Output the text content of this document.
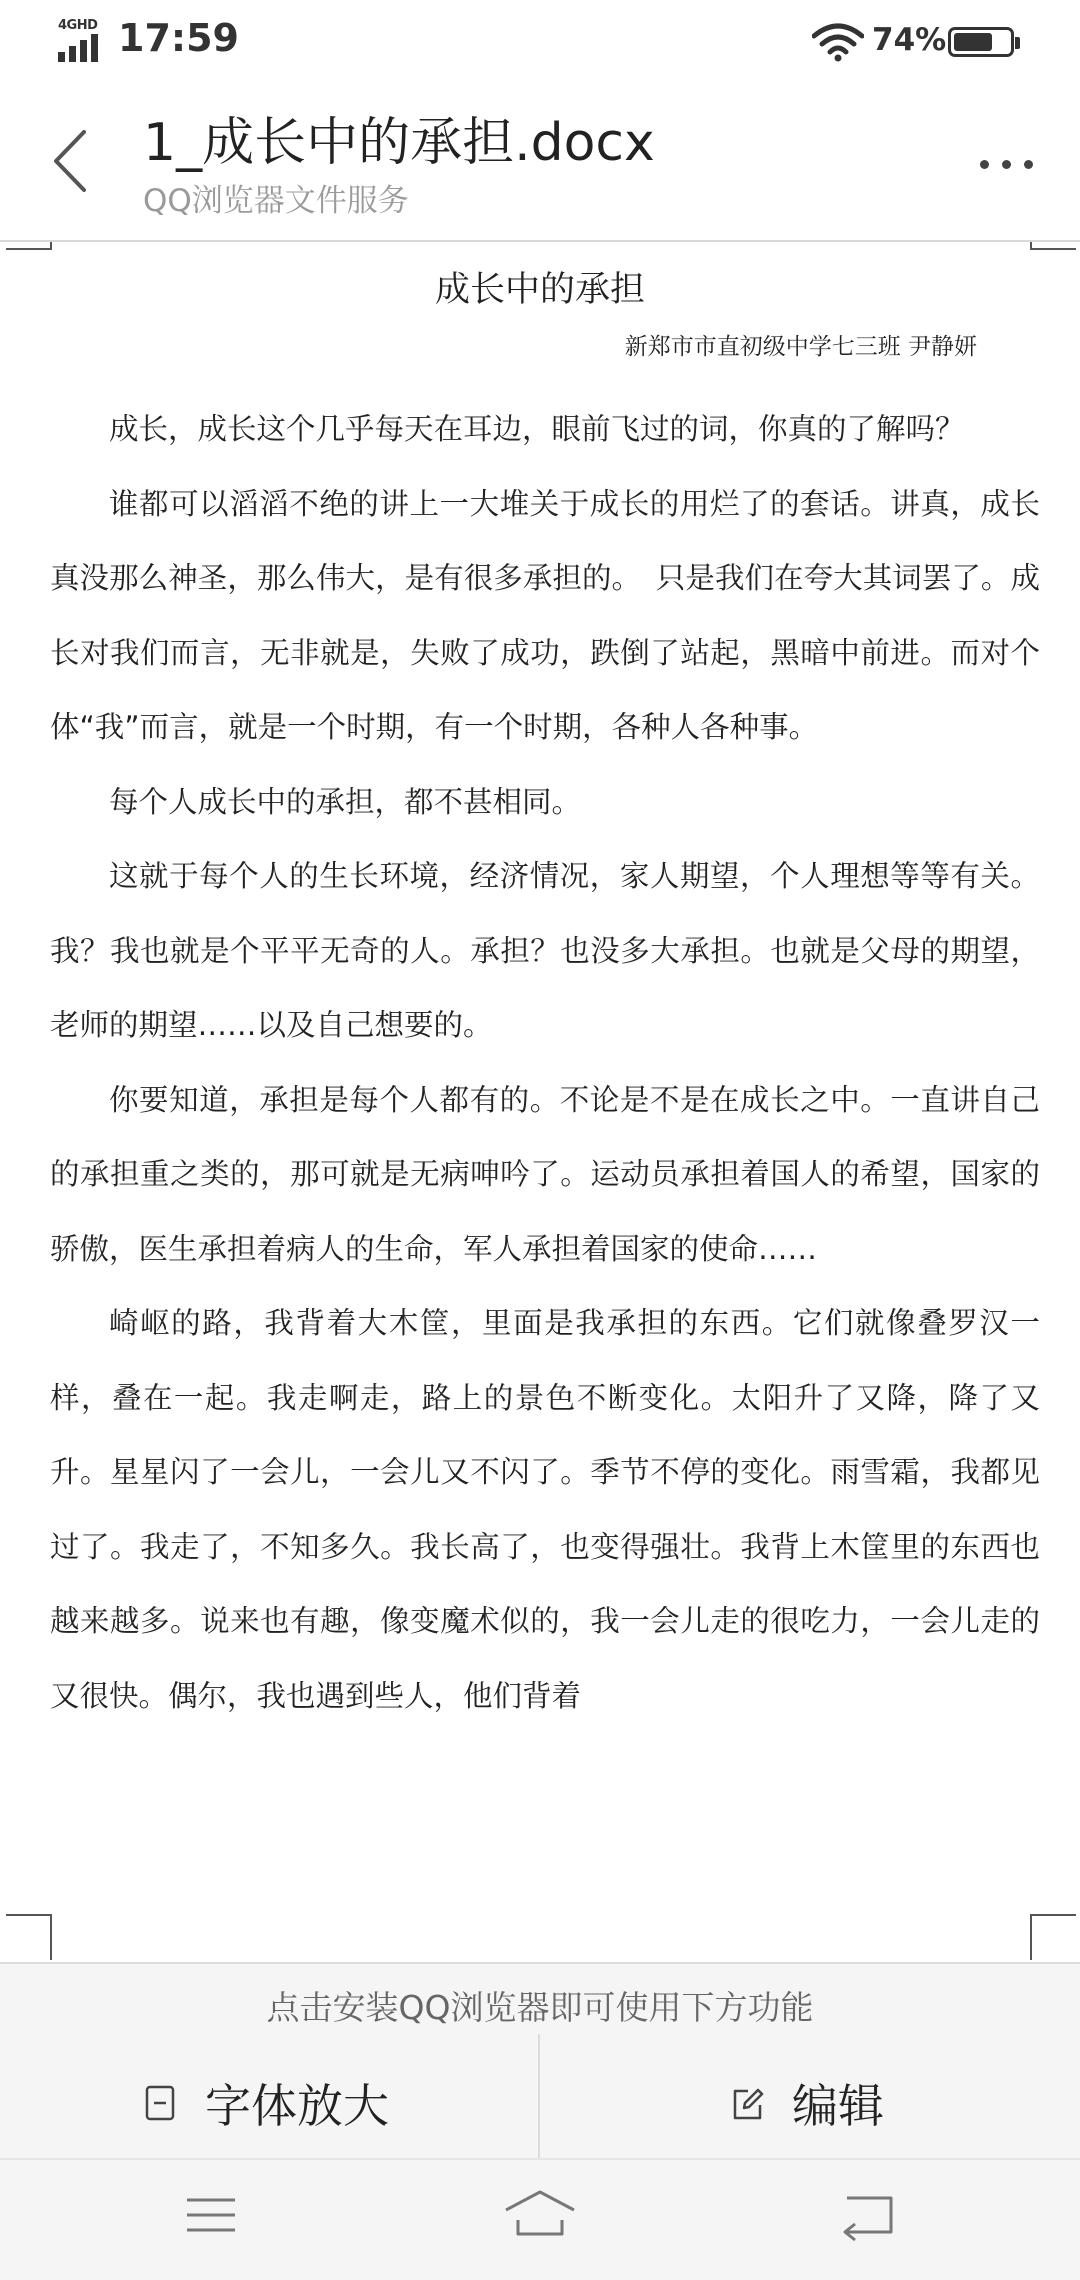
4GHD 17:59	74%
1_成长中的承担.docx
QQ浏览器文件服务
成长中的承担
新郑市市直初级中学七三班 尹静妍

成长，成长这个几乎每天在耳边，眼前飞过的词，你真的了解吗？

谁都可以滔滔不绝的讲上一大堆关于成长的用烂了的套话。讲真，成长真没那么神圣，那么伟大，是有很多承担的。　只是我们在夸大其词罢了。成长对我们而言，无非就是，失败了成功，跌倒了站起，黑暗中前进。而对个体“我”而言，就是一个时期，有一个时期，各种人各种事。

每个人成长中的承担，都不甚相同。

这就于每个人的生长环境，经济情况，家人期望，个人理想等等有关。我？我也就是个平平无奇的人。承担？也没多大承担。也就是父母的期望，老师的期望……以及自己想要的。

你要知道，承担是每个人都有的。不论是不是在成长之中。一直讲自己的承担重之类的，那可就是无病呻吟了。运动员承担着国人的希望，国家的骄傲，医生承担着病人的生命，军人承担着国家的使命……

崎岖的路，我背着大木筐，里面是我承担的东西。它们就像叠罗汉一样，叠在一起。我走啊走，路上的景色不断变化。太阳升了又降，降了又升。星星闪了一会儿，一会儿又不闪了。季节不停的变化。雨雪霜，我都见过了。我走了，不知多久。我长高了，也变得强壮。我背上木筐里的东西也越来越多。说来也有趣，像变魔术似的，我一会儿走的很吃力，一会儿走的又很快。偶尔，我也遇到些人，他们背着

点击安装QQ浏览器即可使用下方功能
字体放大	编辑
